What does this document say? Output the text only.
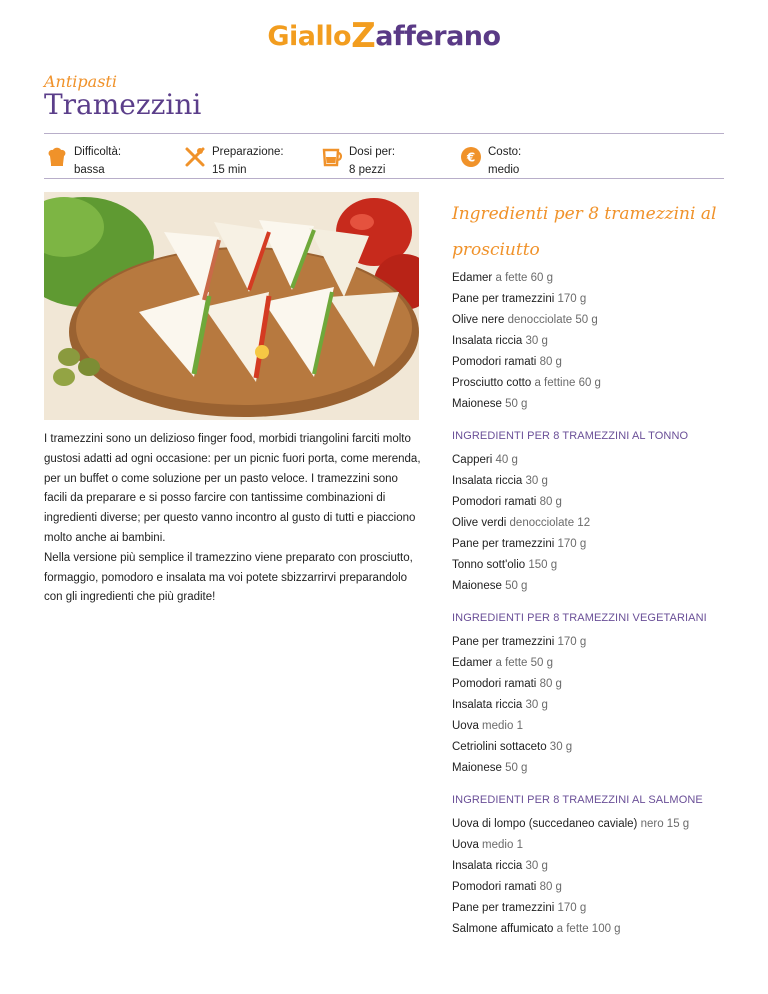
GialloZafferano
Antipasti
Tramezzini
Difficoltà:
bassa
Preparazione:
15 min
Dosi per:
8 pezzi
€ Costo:
medio

I tramezzini sono un delizioso finger food, morbidi triangolini farciti molto gustosi adatti ad ogni occasione: per un picnic fuori porta, come merenda, per un buffet o come soluzione per un pasto veloce. I tramezzini sono facili da preparare e si posso farcire con tantissime combinazioni di ingredienti diverse; per questo vanno incontro al gusto di tutti e piacciono molto anche ai bambini.

Nella versione più semplice il tramezzino viene preparato con prosciutto, formaggio, pomodoro e insalata ma voi potete sbizzarrirvi preparandolo con gli ingredienti che più gradite!

Ingredienti per 8 tramezzini al prosciutto
Edamer a fette 60 g
Pane per tramezzini 170 g
Olive nere denocciolate 50 g
Insalata riccia 30 g
Pomodori ramati 80 g
Prosciutto cotto a fettine 60 g
Maionese 50 g
INGREDIENTI PER 8 TRAMEZZINI AL TONNO
Capperi 40 g
Insalata riccia 30 g
Pomodori ramati 80 g
Olive verdi denocciolate 12
Pane per tramezzini 170 g
Tonno sott'olio 150 g
Maionese 50 g
INGREDIENTI PER 8 TRAMEZZINI VEGETARIANI
Pane per tramezzini 170 g
Edamer a fette 50 g
Pomodori ramati 80 g
Insalata riccia 30 g
Uova medio 1
Cetriolini sottaceto 30 g
Maionese 50 g
INGREDIENTI PER 8 TRAMEZZINI AL SALMONE
Uova di lompo (succedaneo caviale) nero 15 g
Uova medio 1
Insalata riccia 30 g
Pomodori ramati 80 g
Pane per tramezzini 170 g
Salmone affumicato a fette 100 g
